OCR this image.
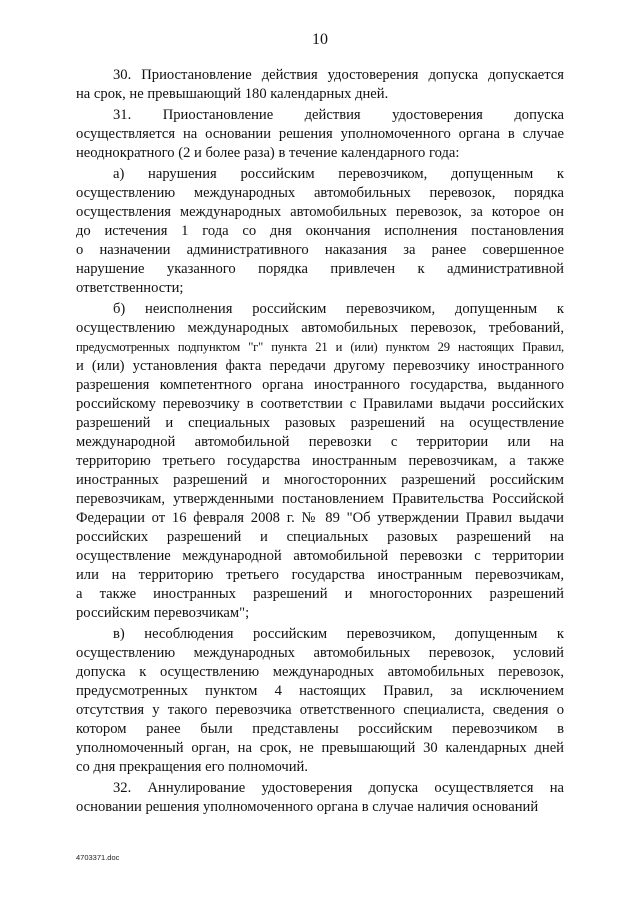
10
30. Приостановление действия удостоверения допуска допускается
на срок, не превышающий 180 календарных дней.
31. Приостановление действия удостоверения допуска
осуществляется на основании решения уполномоченного органа в случае
неоднократного (2 и более раза) в течение календарного года:
а) нарушения российским перевозчиком, допущенным к
осуществлению международных автомобильных перевозок, порядка
осуществления международных автомобильных перевозок, за которое он
до истечения 1 года со дня окончания исполнения постановления
о назначении административного наказания за ранее совершенное
нарушение указанного порядка привлечен к административной
ответственности;
б) неисполнения российским перевозчиком, допущенным к
осуществлению международных автомобильных перевозок, требований,
предусмотренных подпунктом "г" пункта 21 и (или) пунктом 29 настоящих Правил,
и (или) установления факта передачи другому перевозчику иностранного
разрешения компетентного органа иностранного государства, выданного
российскому перевозчику в соответствии с Правилами выдачи российских
разрешений и специальных разовых разрешений на осуществление
международной автомобильной перевозки с территории или на
территорию третьего государства иностранным перевозчикам, а также
иностранных разрешений и многосторонних разрешений российским
перевозчикам, утвержденными постановлением Правительства Российской
Федерации от 16 февраля 2008 г. № 89 "Об утверждении Правил выдачи
российских разрешений и специальных разовых разрешений на
осуществление международной автомобильной перевозки с территории
или на территорию третьего государства иностранным перевозчикам,
а также иностранных разрешений и многосторонних разрешений
российским перевозчикам";
в) несоблюдения российским перевозчиком, допущенным к
осуществлению международных автомобильных перевозок, условий
допуска к осуществлению международных автомобильных перевозок,
предусмотренных пунктом 4 настоящих Правил, за исключением
отсутствия у такого перевозчика ответственного специалиста, сведения о
котором ранее были представлены российским перевозчиком в
уполномоченный орган, на срок, не превышающий 30 календарных дней
со дня прекращения его полномочий.
32. Аннулирование удостоверения допуска осуществляется на
основании решения уполномоченного органа в случае наличия оснований
4703371.doc
